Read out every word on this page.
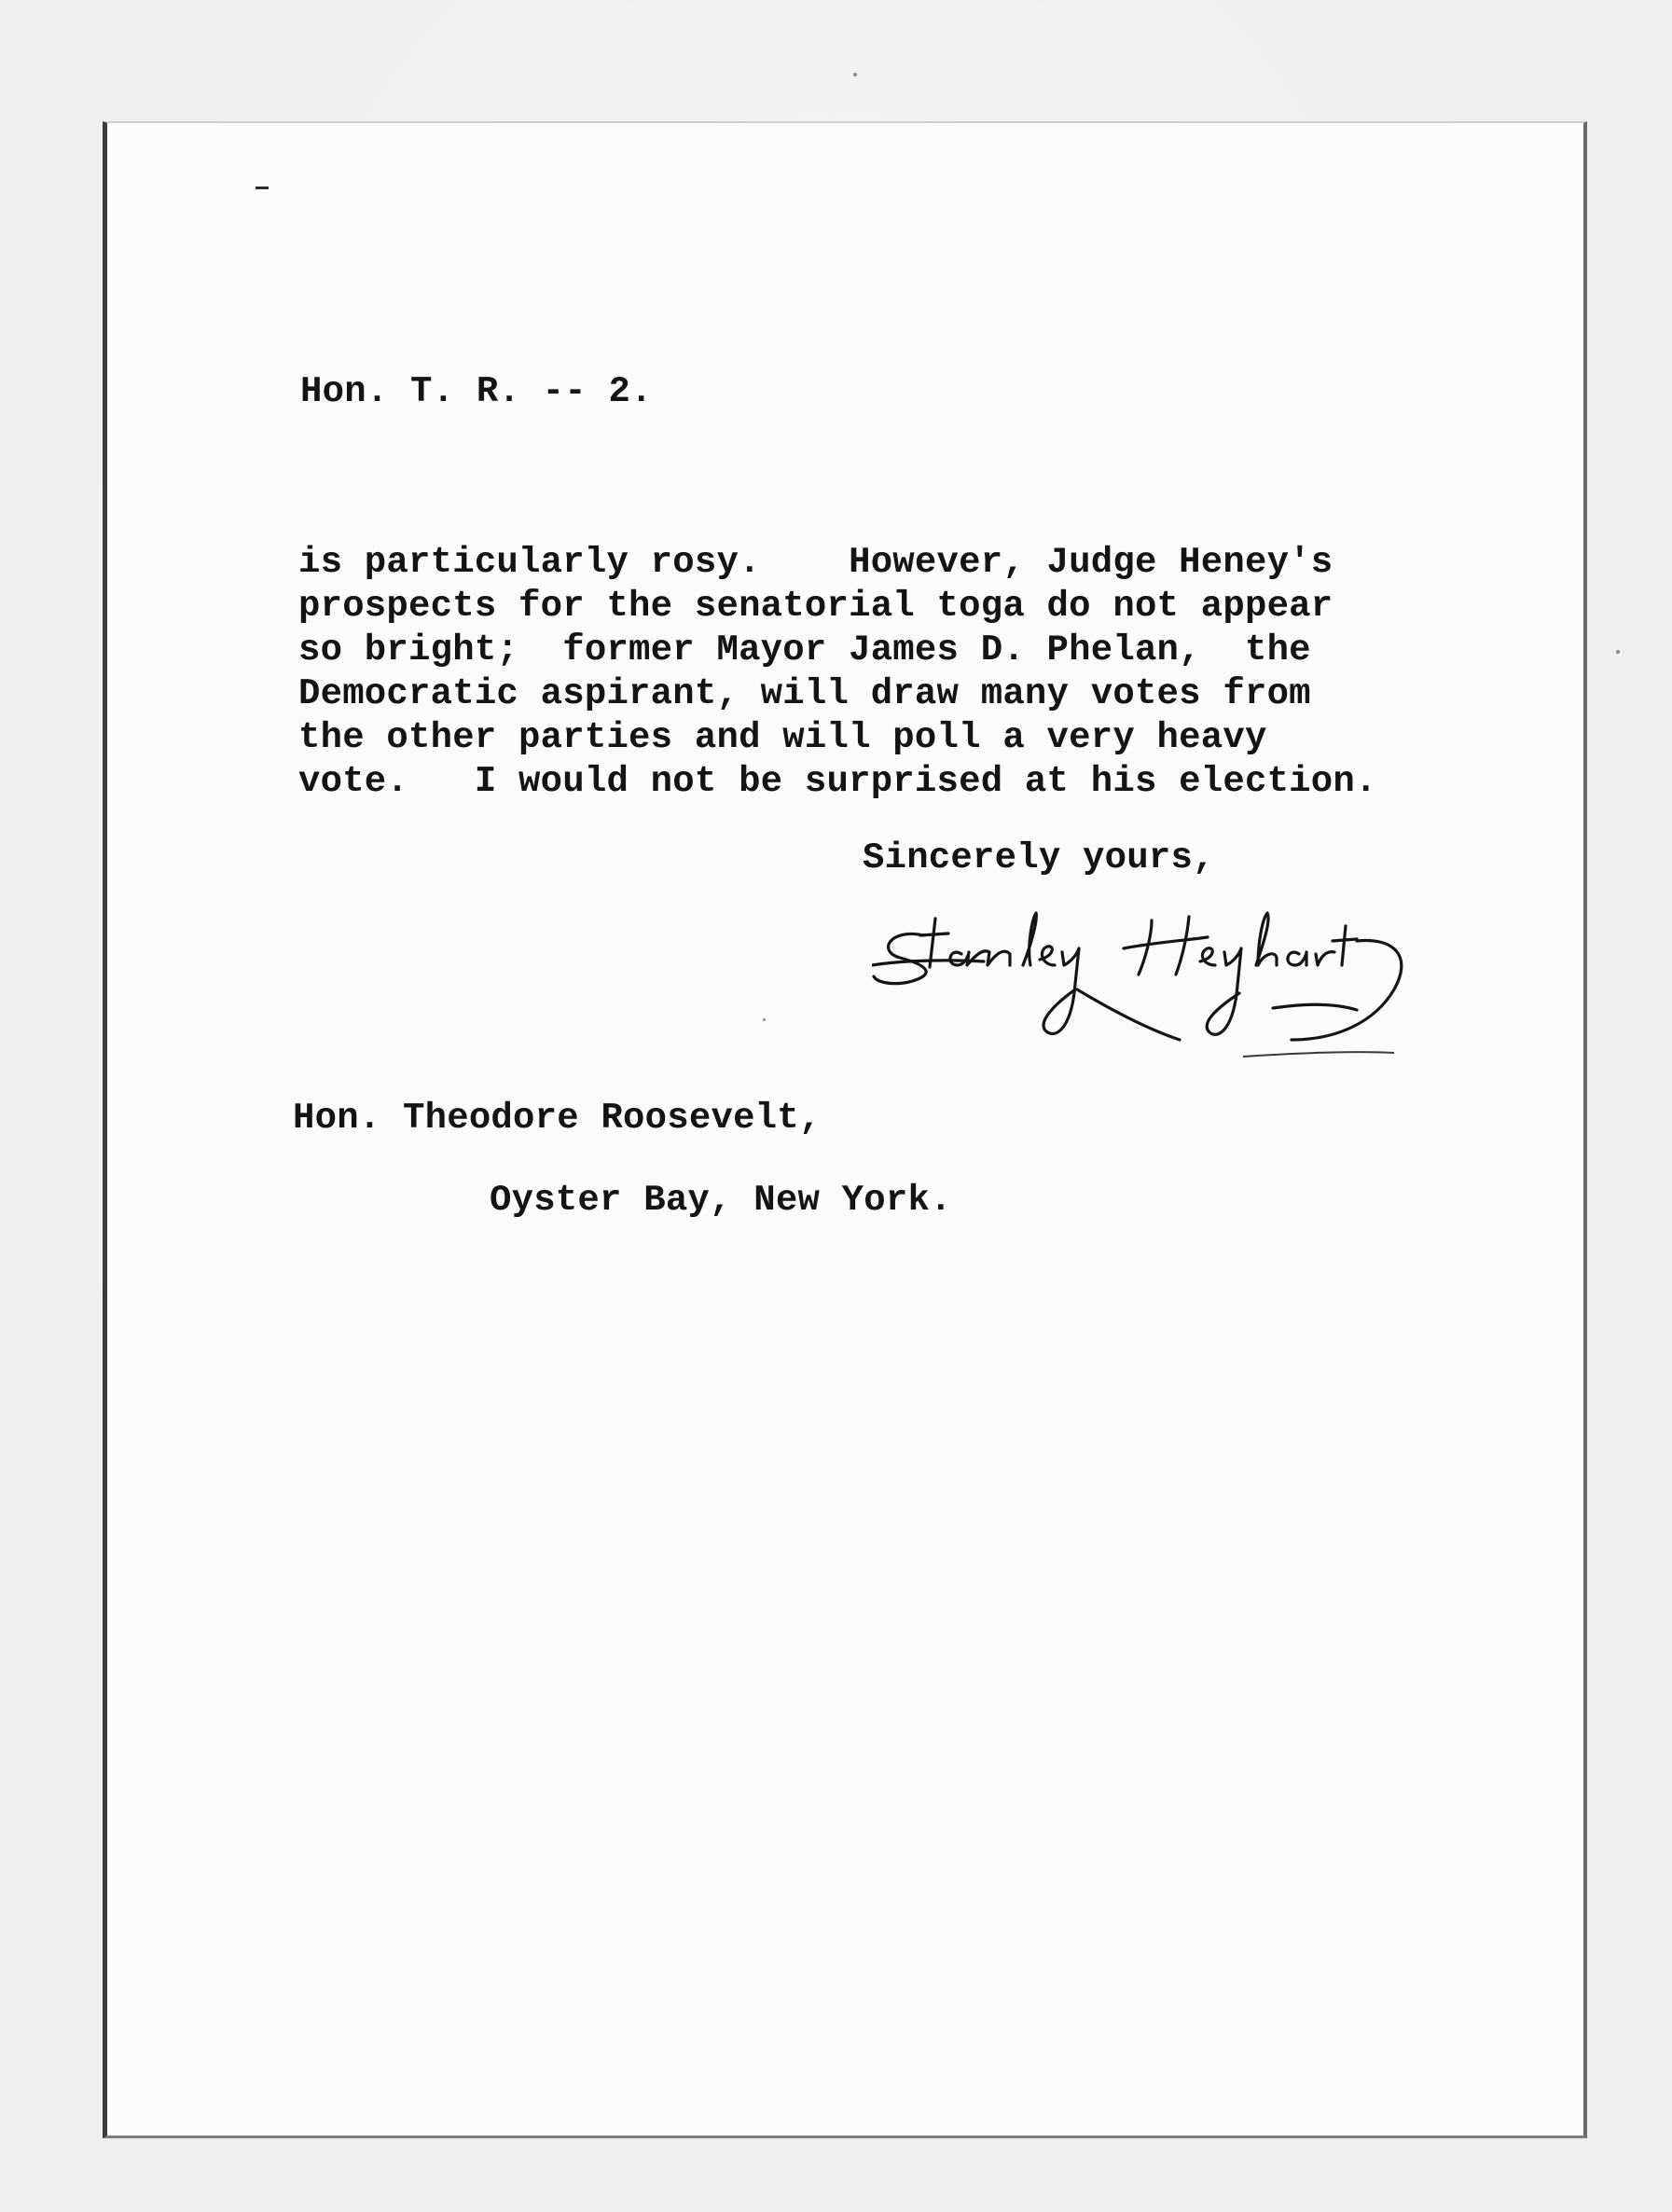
Hon. T. R. -- 2.

is particularly rosy.    However, Judge Heney's
prospects for the senatorial toga do not appear
so bright;  former Mayor James D. Phelan,  the
Democratic aspirant, will draw many votes from
the other parties and will poll a very heavy
vote.   I would not be surprised at his election.

Sincerely yours,

Hon. Theodore Roosevelt,

Oyster Bay, New York.
